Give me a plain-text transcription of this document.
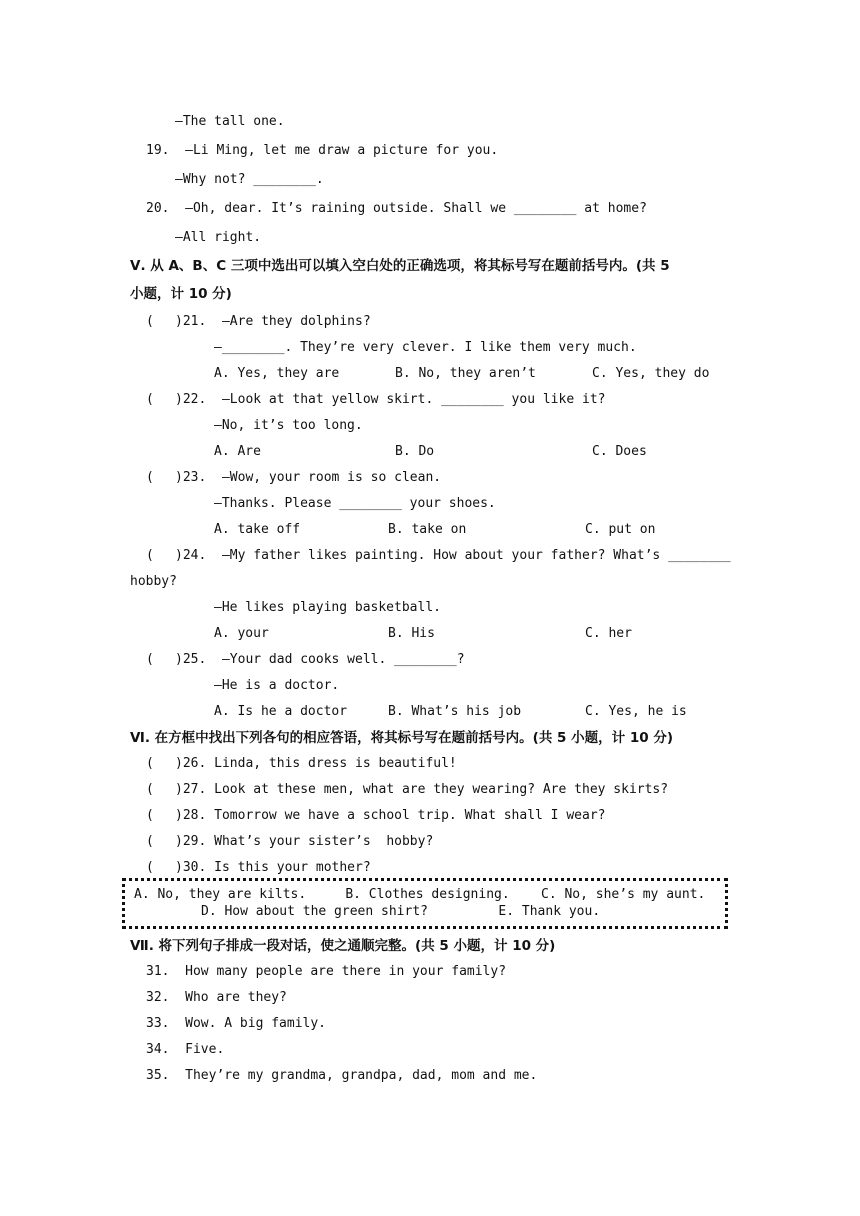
—The tall one.
19.  —Li Ming, let me draw a picture for you.
—Why not? ________.
20.  —Oh, dear. It’s raining outside. Shall we ________ at home?
—All right.
Ⅴ. 从 A、B、C 三项中选出可以填入空白处的正确选项，将其标号写在题前括号内。(共 5
小题，计 10 分)
( )21.  —Are they dolphins?
—________. They’re very clever. I like them very much.
A. Yes, they are	B. No, they aren’t	C. Yes, they do
( )22.  —Look at that yellow skirt. ________ you like it?
—No, it’s too long.
A. Are	B. Do	C. Does
( )23.  —Wow, your room is so clean.
—Thanks. Please ________ your shoes.
A. take off	B. take on	C. put on
( )24.  —My father likes painting. How about your father? What’s ________
hobby?
—He likes playing basketball.
A. your	B. His	C. her
( )25.  —Your dad cooks well. ________?
—He is a doctor.
A. Is he a doctor	B. What’s his job	C. Yes, he is
Ⅵ. 在方框中找出下列各句的相应答语，将其标号写在题前括号内。(共 5 小题，计 10 分)
( )26. Linda, this dress is beautiful!
( )27. Look at these men, what are they wearing? Are they skirts?
( )28. Tomorrow we have a school trip. What shall I wear?
( )29. What’s your sister’s  hobby?
( )30. Is this your mother?
A. No, they are kilts.     B. Clothes designing.    C. No, she’s my aunt.
D. How about the green shirt?         E. Thank you.
Ⅶ. 将下列句子排成一段对话，使之通顺完整。(共 5 小题，计 10 分)
31.  How many people are there in your family?
32.  Who are they?
33.  Wow. A big family.
34.  Five.
35.  They’re my grandma, grandpa, dad, mom and me.
